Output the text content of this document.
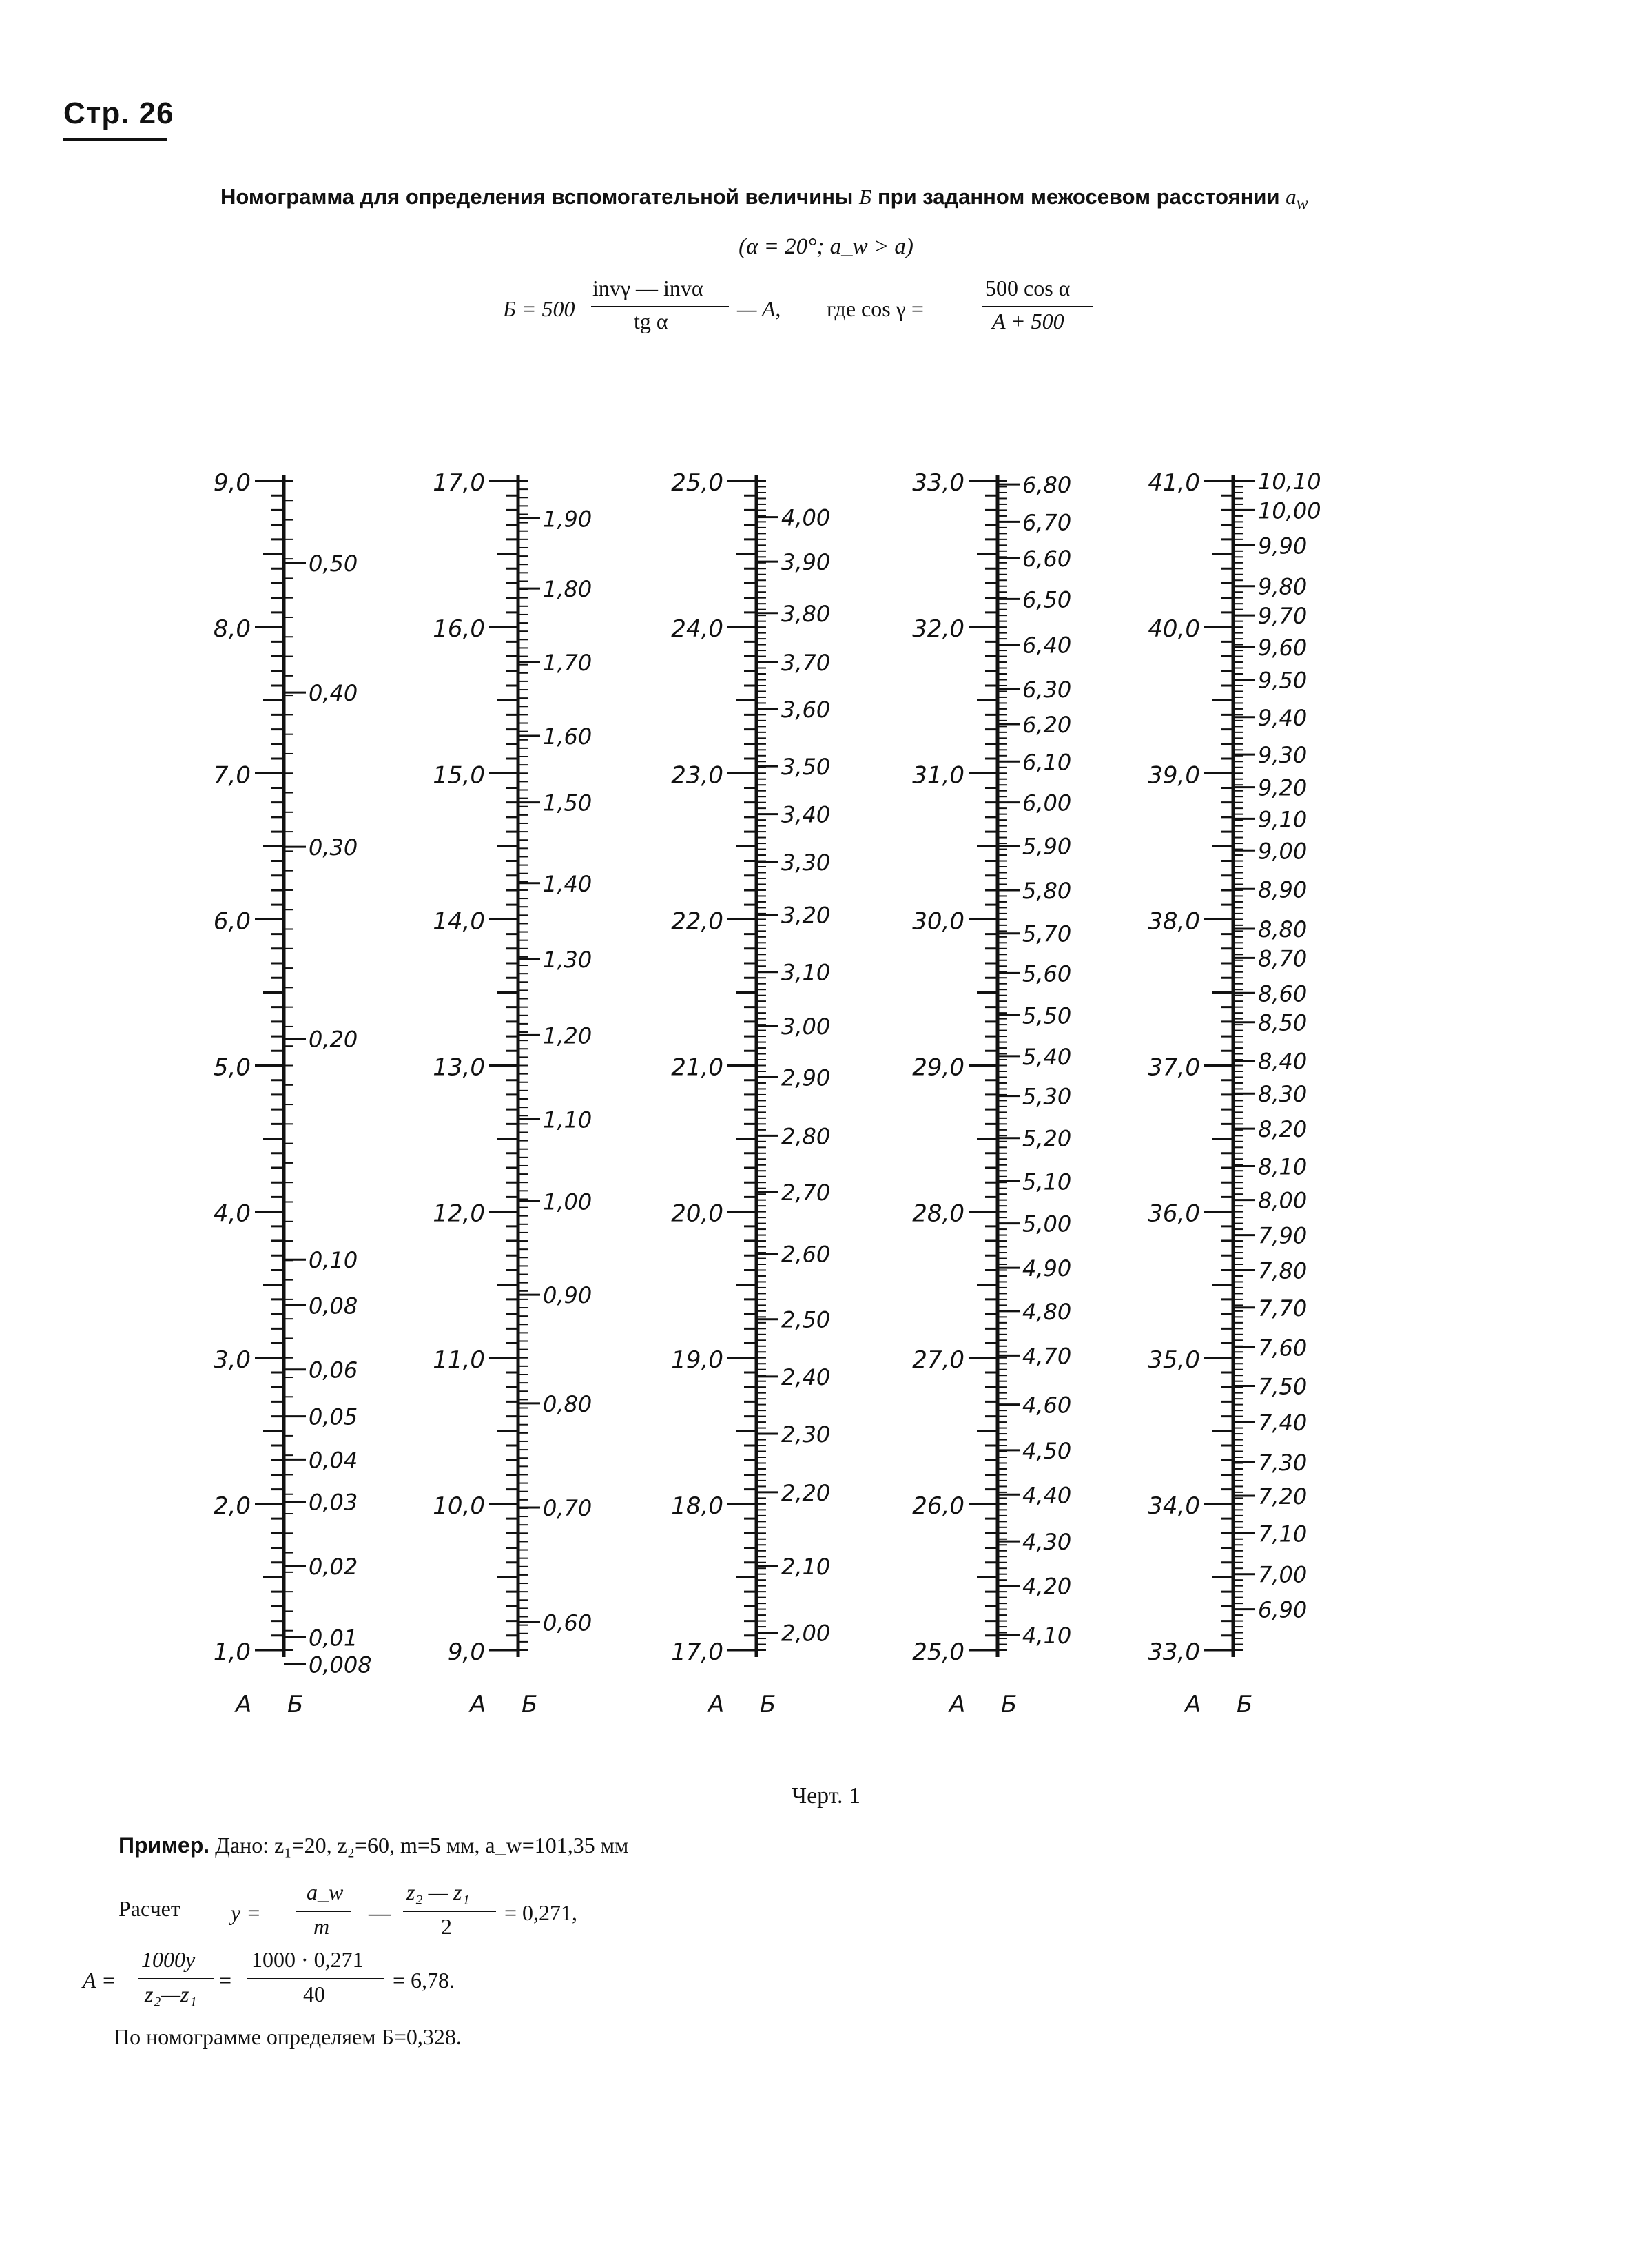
Стр. 26
Номограмма для определения вспомогательной величины Б при заданном межосевом расстоянии $a_w$
(α = 20°; a_w > a)
Б = 500
invγ — invα
tg α	— A, где cos γ =
500 cos α
A + 500
9,0
8,0
7,0
6,0
5,0
4,0
3,0
2,0
1,0
0,50
0,40
0,30
0,20
0,10
0,08
0,06
0,05
0,04
0,03
0,02
0,01
0,008
A Б
17,0
16,0
15,0
14,0
13,0
12,0
11,0
10,0
9,0
1,90
1,80
1,70
1,60
1,50
1,40
1,30
1,20
1,10
1,00
0,90
0,80
0,70
0,60
A Б
25,0
24,0
23,0
22,0
21,0
20,0
19,0
18,0
17,0
4,00
3,90
3,80
3,70
3,60
3,50
3,40
3,30
3,20
3,10
3,00
2,90
2,80
2,70
2,60
2,50
2,40
2,30
2,20
2,10
2,00
A Б
33,0
32,0
31,0
30,0
29,0
28,0
27,0
26,0
25,0
6,80
6,70
6,60
6,50
6,40
6,30
6,20
6,10
6,00
5,90
5,80
5,70
5,60
5,50
5,40
5,30
5,20
5,10
5,00
4,90
4,80
4,70
4,60
4,50
4,40
4,30
4,20
4,10
A Б
41,0
40,0
39,0
38,0
37,0
36,0
35,0
34,0
33,0
10,10
10,00
9,90
9,80
9,70
9,60
9,50
9,40
9,30
9,20
9,10
9,00
8,90
8,80
8,70
8,60
8,50
8,40
8,30
8,20
8,10
8,00
7,90
7,80
7,70
7,60
7,50
7,40
7,30
7,20
7,10
7,00
6,90
A Б
Черт. 1
Пример. Дано: z₁=20, z₂=60, m=5 мм, a_w=101,35 мм
Расчет y =
a_w
m
—
z₂ — z₁
2
= 0,271,
A =
1000y
z₂—z₁
=
1000 · 0,271
40
= 6,78.
По номограмме определяем Б=0,328.
